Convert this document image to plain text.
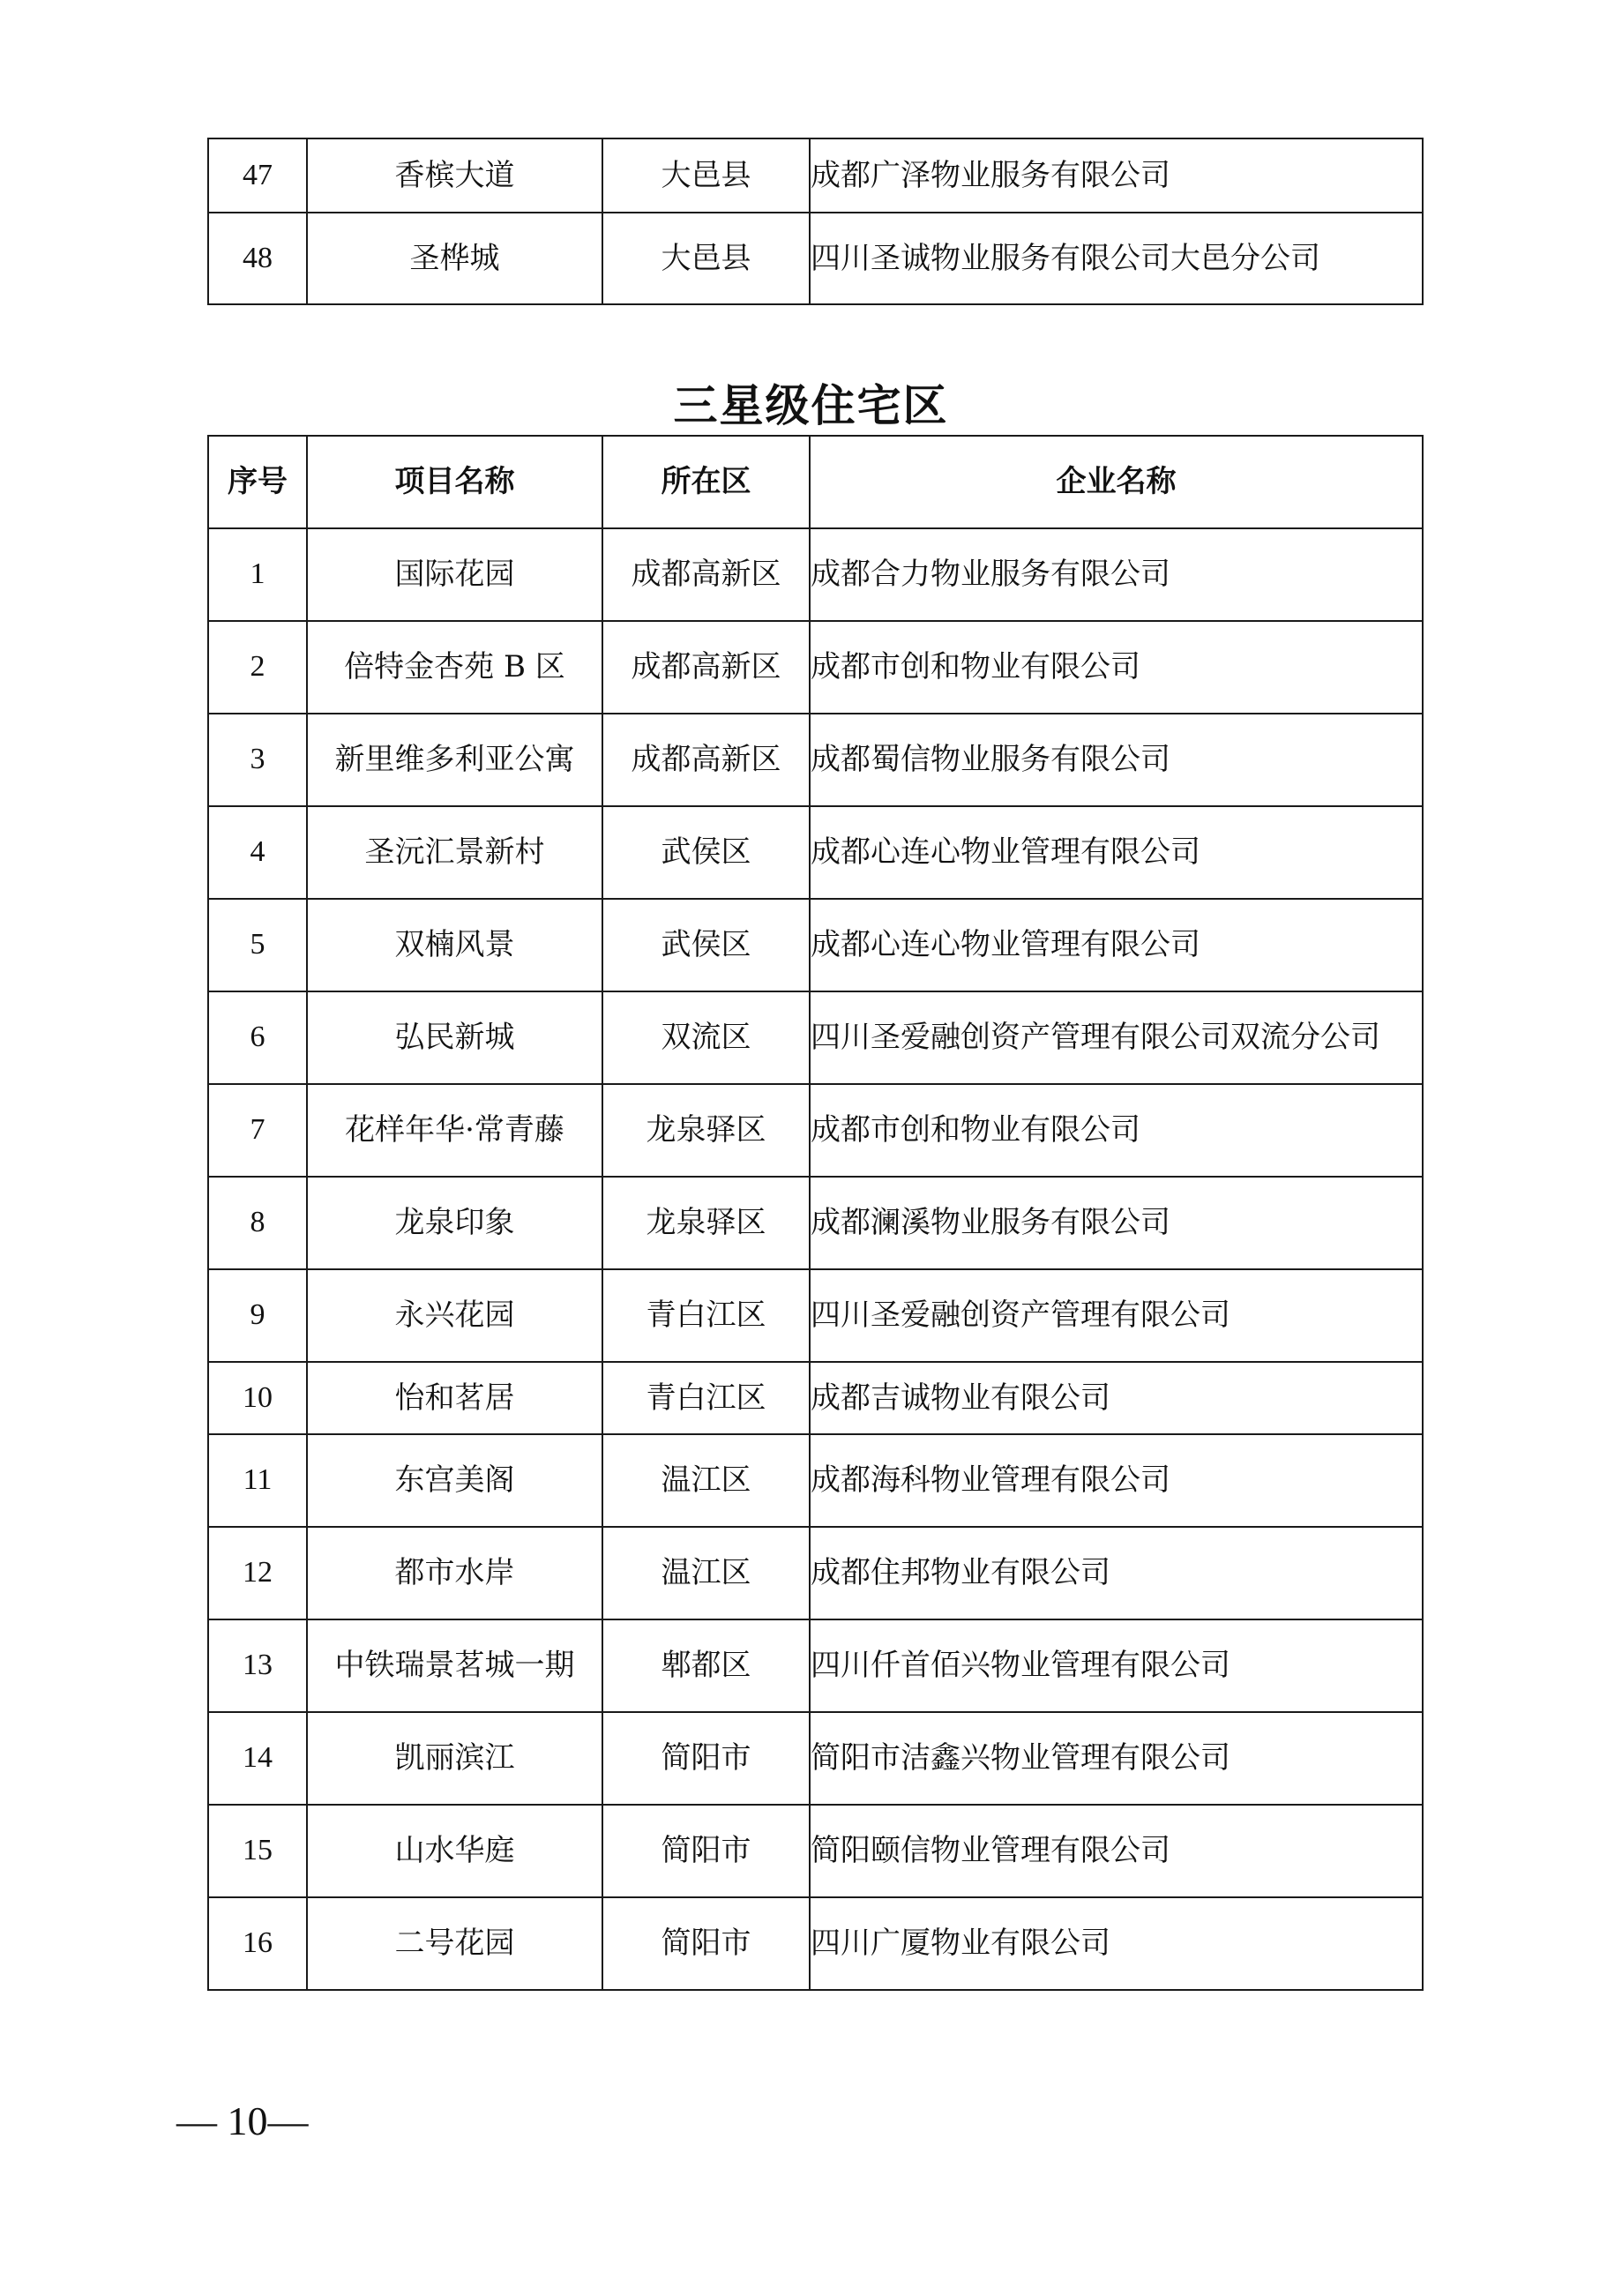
47	香槟大道	大邑县	成都广泽物业服务有限公司
48	圣桦城	大邑县	四川圣诚物业服务有限公司大邑分公司
三星级住宅区
序号	项目名称	所在区	企业名称
1	国际花园	成都高新区	成都合力物业服务有限公司
2	倍特金杏苑 B 区	成都高新区	成都市创和物业有限公司
3	新里维多利亚公寓	成都高新区	成都蜀信物业服务有限公司
4	圣沅汇景新村	武侯区	成都心连心物业管理有限公司
5	双楠风景	武侯区	成都心连心物业管理有限公司
6	弘民新城	双流区	四川圣爱融创资产管理有限公司双流分公司
7	花样年华·常青藤	龙泉驿区	成都市创和物业有限公司
8	龙泉印象	龙泉驿区	成都澜溪物业服务有限公司
9	永兴花园	青白江区	四川圣爱融创资产管理有限公司
10	怡和茗居	青白江区	成都吉诚物业有限公司
11	东宫美阁	温江区	成都海科物业管理有限公司
12	都市水岸	温江区	成都住邦物业有限公司
13	中铁瑞景茗城一期	郫都区	四川仟首佰兴物业管理有限公司
14	凯丽滨江	简阳市	简阳市洁鑫兴物业管理有限公司
15	山水华庭	简阳市	简阳颐信物业管理有限公司
16	二号花园	简阳市	四川广厦物业有限公司
— 10—
